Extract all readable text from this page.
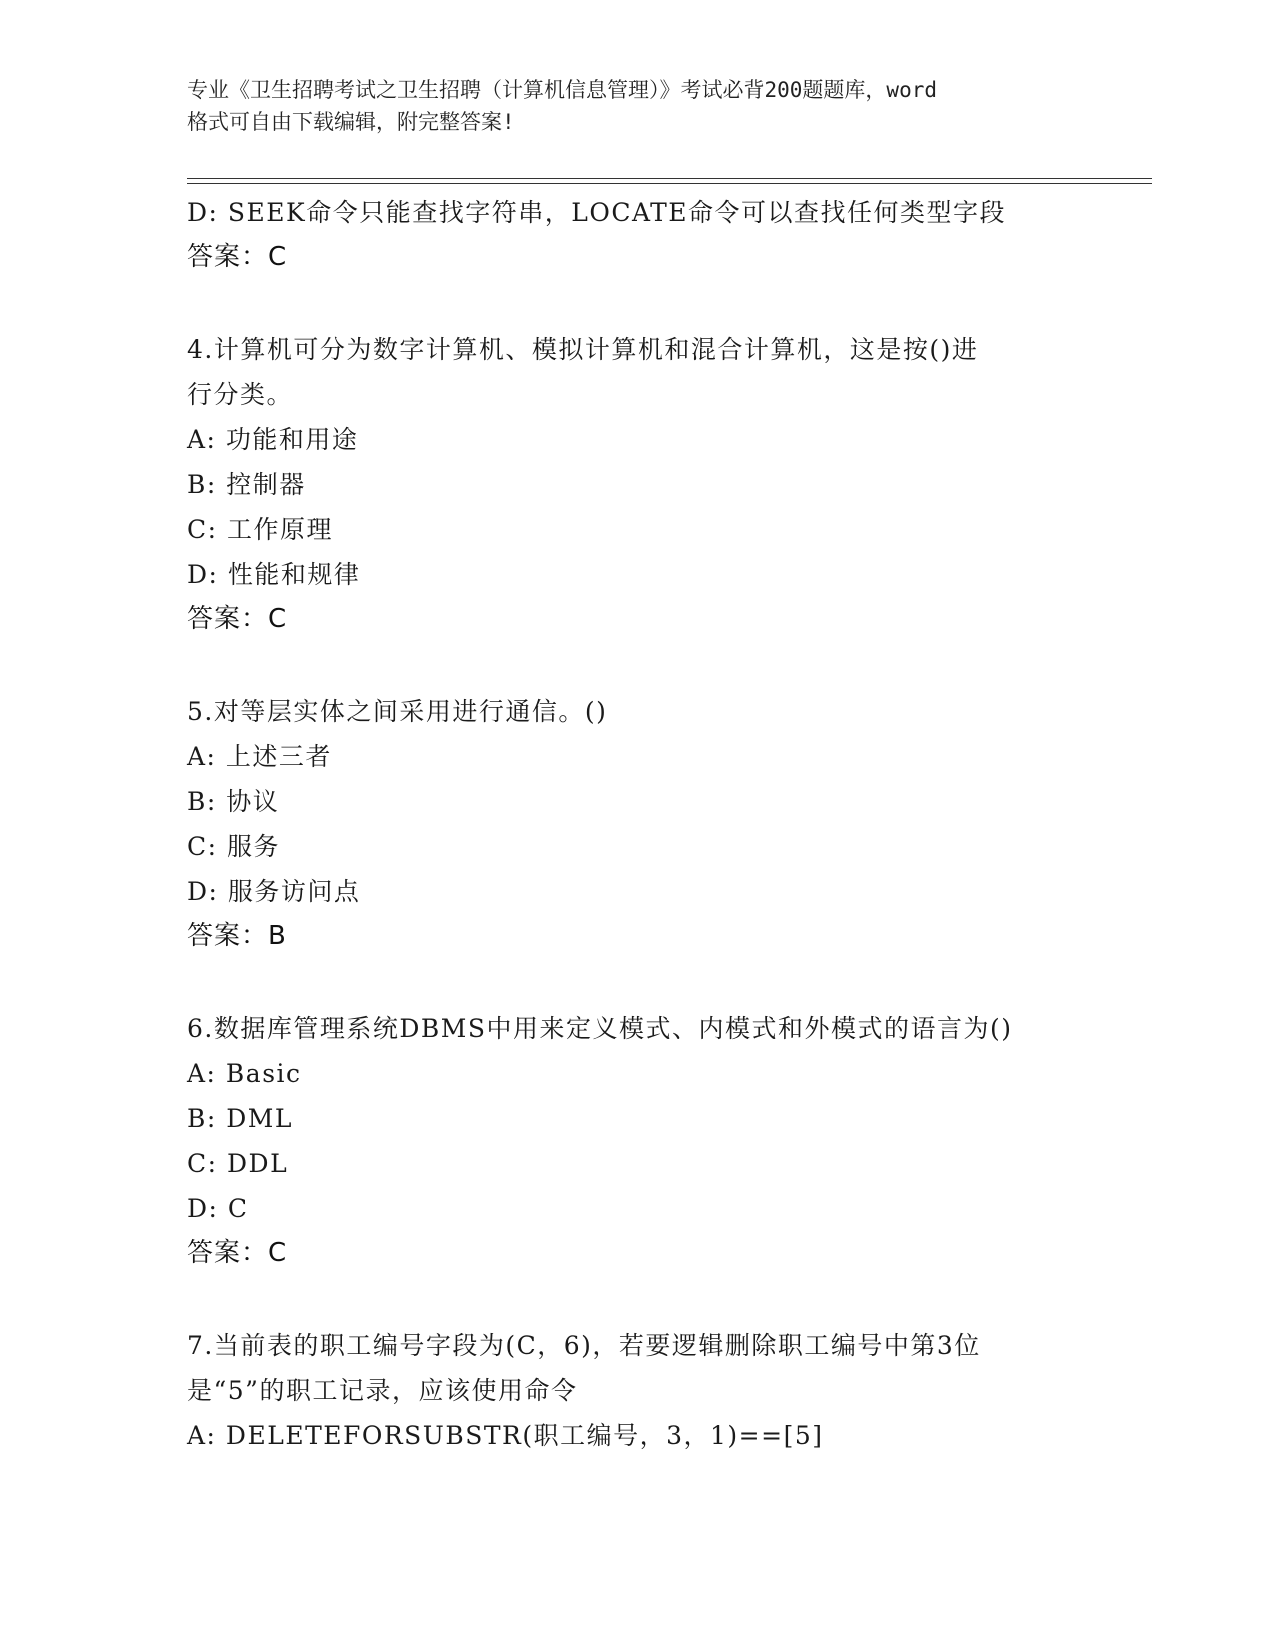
专业《卫生招聘考试之卫生招聘（计算机信息管理）》考试必背200题题库，word
格式可自由下载编辑，附完整答案!
D: SEEK命令只能查找字符串，LOCATE命令可以查找任何类型字段
答案：C
4.计算机可分为数字计算机、模拟计算机和混合计算机，这是按()进
行分类。
A: 功能和用途
B: 控制器
C: 工作原理
D: 性能和规律
答案：C
5.对等层实体之间采用进行通信。()
A: 上述三者
B: 协议
C: 服务
D: 服务访问点
答案：B
6.数据库管理系统DBMS中用来定义模式、内模式和外模式的语言为()
A: Basic
B: DML
C: DDL
D: C
答案：C
7.当前表的职工编号字段为(C，6)，若要逻辑删除职工编号中第3位
是“5”的职工记录，应该使用命令
A: DELETEFORSUBSTR(职工编号，3，1)==[5]
